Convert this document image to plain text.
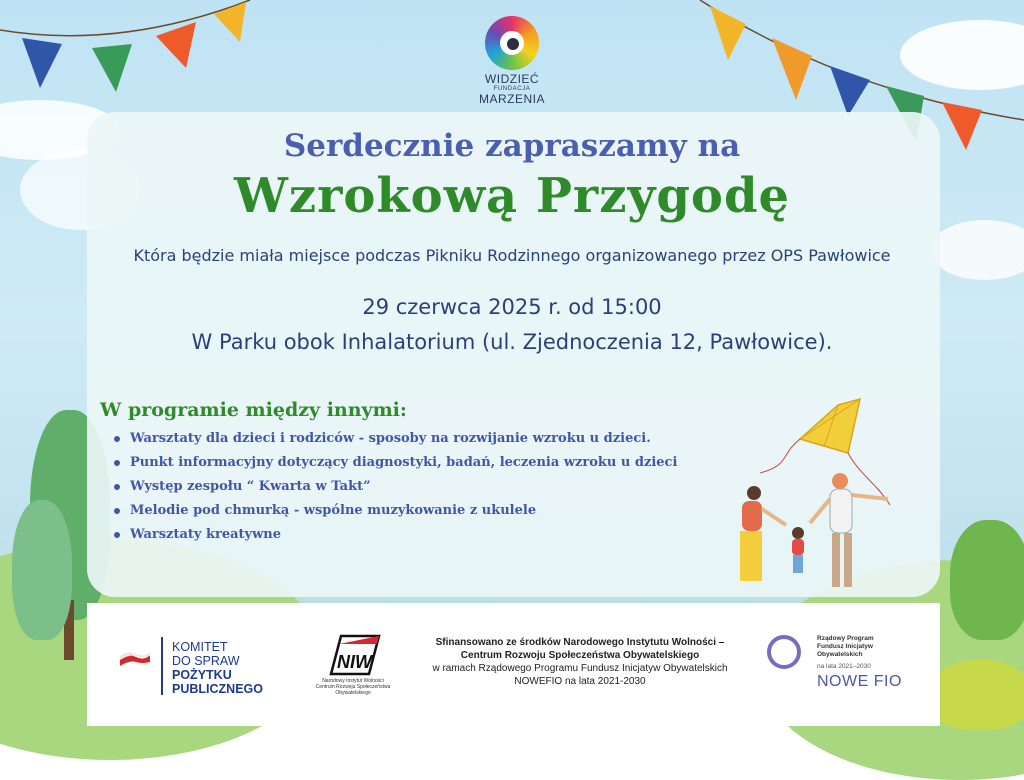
WIDZIEĆ
FUNDACJA
MARZENIA
Serdecznie zapraszamy na
Wzrokową Przygodę
Która będzie miała miejsce podczas Pikniku Rodzinnego organizowanego przez OPS Pawłowice
29 czerwca 2025 r. od 15:00
W Parku obok Inhalatorium (ul. Zjednoczenia 12, Pawłowice).
W programie między innymi:
Warsztaty dla dzieci i rodziców - sposoby na rozwijanie wzroku u dzieci.
Punkt informacyjny dotyczący diagnostyki, badań, leczenia wzroku u dzieci
Występ zespołu “ Kwarta w Takt”
Melodie pod chmurką - wspólne muzykowanie z ukulele
Warsztaty kreatywne
KOMITET
DO SPRAW
POŻYTKU
PUBLICZNEGO
NIW
Narodowy Instytut Wolności
Centrum Rozwoju Społeczeństwa Obywatelskiego
Sfinansowano ze środków Narodowego Instytutu Wolności –
Centrum Rozwoju Społeczeństwa Obywatelskiego
w ramach Rządowego Programu Fundusz Inicjatyw Obywatelskich
NOWEFIO na lata 2021-2030
Rządowy Program
Fundusz Inicjatyw
Obywatelskich
na lata 2021–2030
NOWE FIO
